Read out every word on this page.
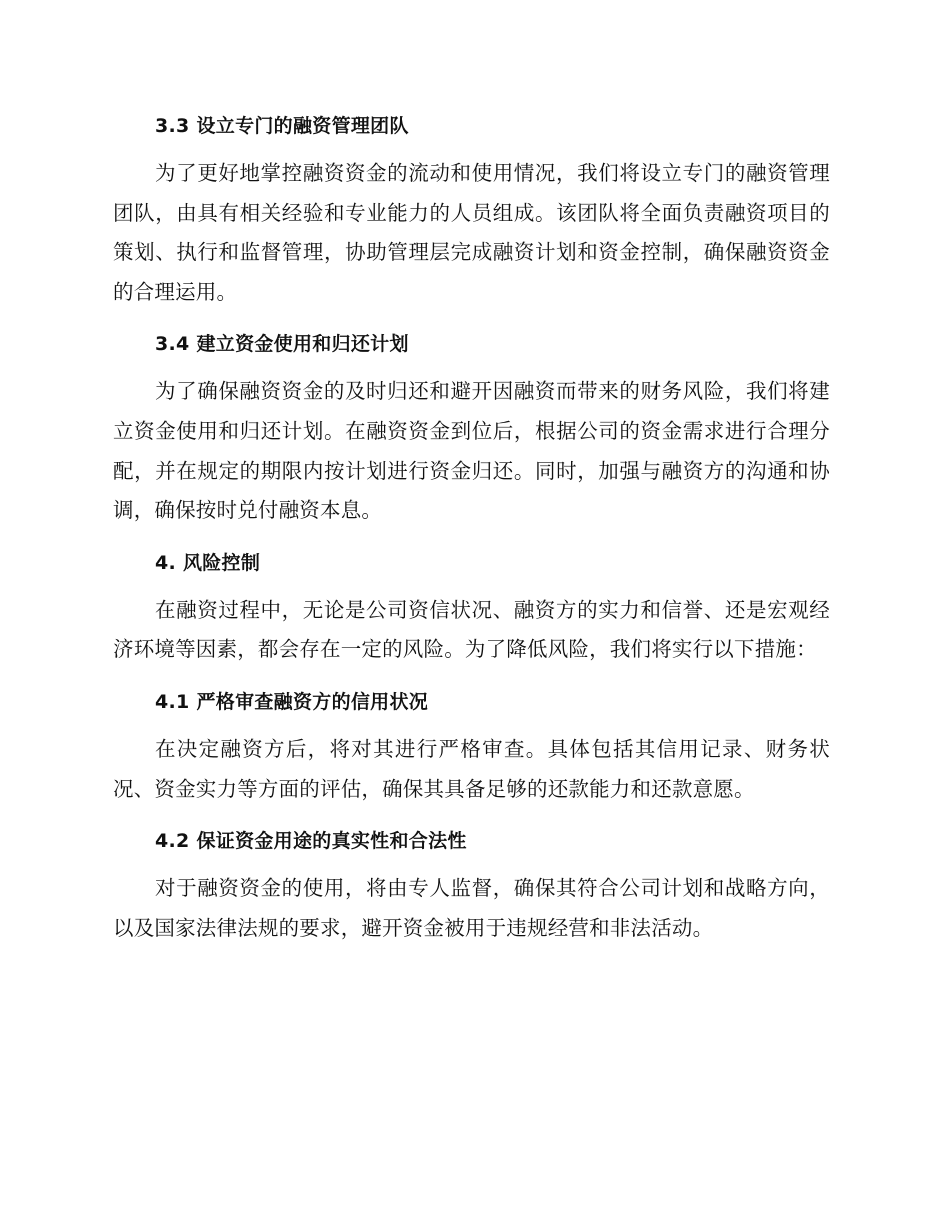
3.3 设立专门的融资管理团队

为了更好地掌控融资资金的流动和使用情况，我们将设立专门的融资管理团队，由具有相关经验和专业能力的人员组成。该团队将全面负责融资项目的策划、执行和监督管理，协助管理层完成融资计划和资金控制，确保融资资金的合理运用。

3.4 建立资金使用和归还计划

为了确保融资资金的及时归还和避开因融资而带来的财务风险，我们将建立资金使用和归还计划。在融资资金到位后，根据公司的资金需求进行合理分配，并在规定的期限内按计划进行资金归还。同时，加强与融资方的沟通和协调，确保按时兑付融资本息。

4. 风险控制

在融资过程中，无论是公司资信状况、融资方的实力和信誉、还是宏观经济环境等因素，都会存在一定的风险。为了降低风险，我们将实行以下措施：

4.1 严格审查融资方的信用状况

在决定融资方后，将对其进行严格审查。具体包括其信用记录、财务状况、资金实力等方面的评估，确保其具备足够的还款能力和还款意愿。

4.2 保证资金用途的真实性和合法性

对于融资资金的使用，将由专人监督，确保其符合公司计划和战略方向，以及国家法律法规的要求，避开资金被用于违规经营和非法活动。
